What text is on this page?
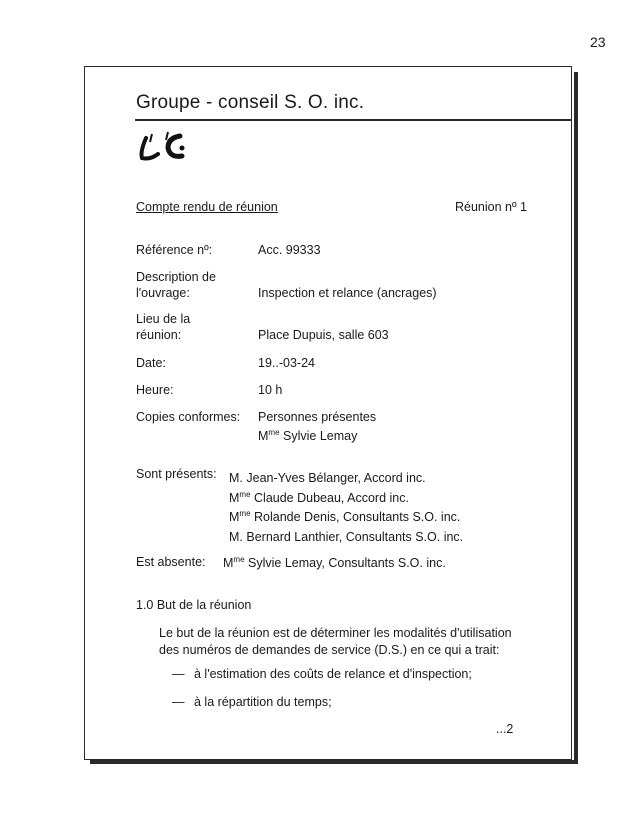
23
Groupe - conseil S. O. inc.
Compte rendu de réunion	Réunion nº 1
Référence nº:	Acc. 99333
Description de
l'ouvrage:	Inspection et relance (ancrages)
Lieu de la
réunion:	Place Dupuis, salle 603
Date:	19..-03-24
Heure:	10 h
Copies conformes: Personnes présentes
$M^{me}$ Sylvie Lemay
Sont présents: M. Jean-Yves Bélanger, Accord inc.
$M^{me}$ Claude Dubeau, Accord inc.
$M^{me}$ Rolande Denis, Consultants S.O. inc.
M. Bernard Lanthier, Consultants S.O. inc.
Est absente: $M^{me}$ Sylvie Lemay, Consultants S.O. inc.
1.0 But de la réunion
Le but de la réunion est de déterminer les modalités d'utilisation des numéros de demandes de service (D.S.) en ce qui a trait:
— à l'estimation des coûts de relance et d'inspection;
— à la répartition du temps;
...2
